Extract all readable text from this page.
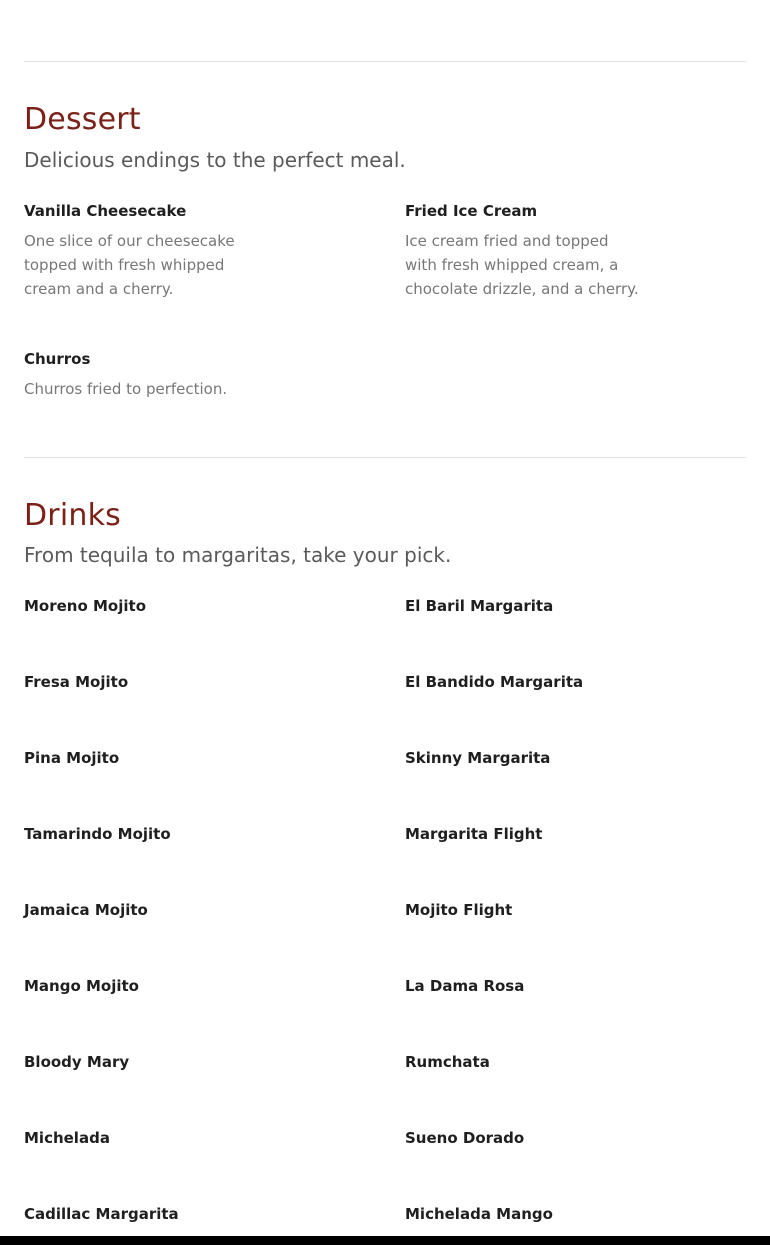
Dessert

Delicious endings to the perfect meal.

Vanilla Cheesecake
One slice of our cheesecake topped with fresh whipped cream and a cherry.
Fried Ice Cream
Ice cream fried and topped with fresh whipped cream, a chocolate drizzle, and a cherry.
Churros
Churros fried to perfection.
Drinks

From tequila to margaritas, take your pick.

Moreno Mojito	El Baril Margarita
Fresa Mojito	El Bandido Margarita
Pina Mojito	Skinny Margarita
Tamarindo Mojito	Margarita Flight
Jamaica Mojito	Mojito Flight
Mango Mojito	La Dama Rosa
Bloody Mary	Rumchata
Michelada	Sueno Dorado
Cadillac Margarita	Michelada Mango
